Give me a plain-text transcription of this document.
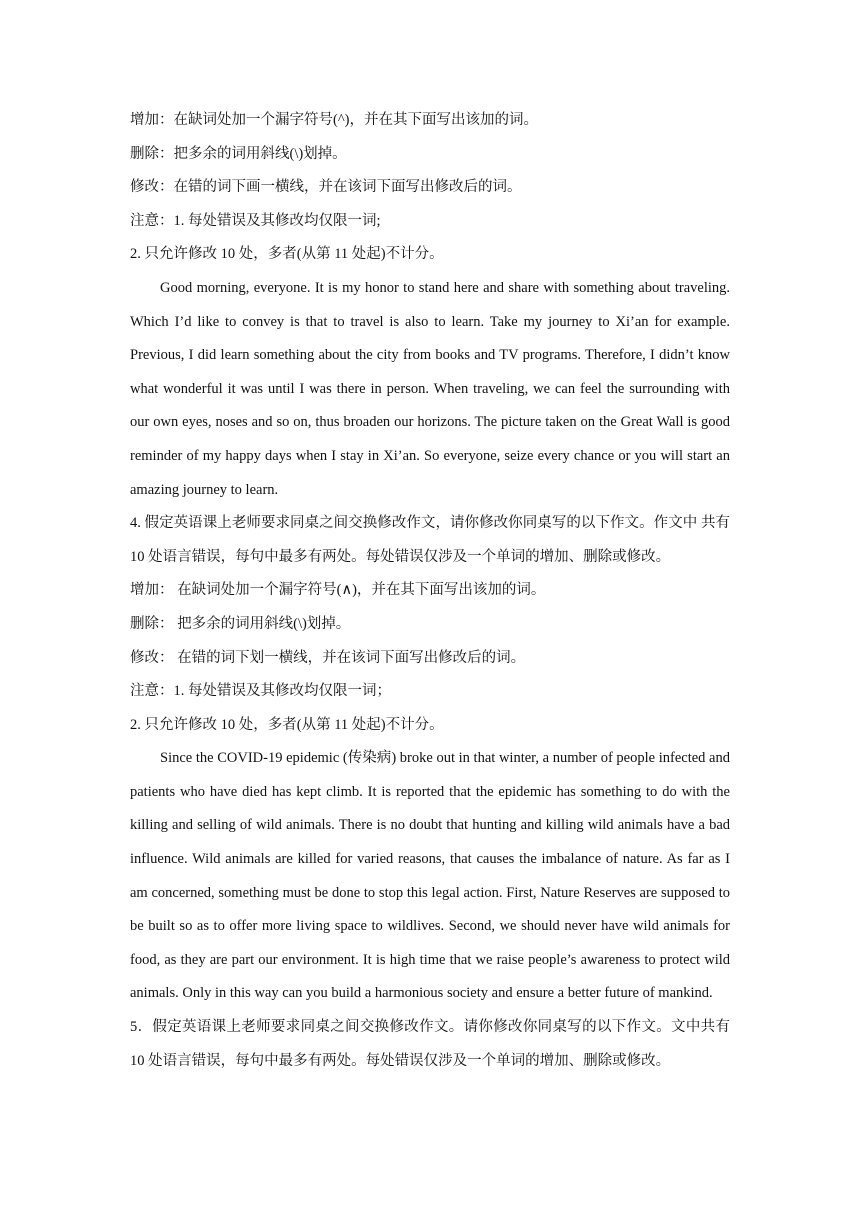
增加：在缺词处加一个漏字符号(^)，并在其下面写出该加的词。

删除：把多余的词用斜线(\)划掉。

修改：在错的词下画一横线，并在该词下面写出修改后的词。

注意：1. 每处错误及其修改均仅限一词;

2. 只允许修改 10 处，多者(从第 11 处起)不计分。

Good morning, everyone. It is my honor to stand here and share with something about traveling. Which I’d like to convey is that to travel is also to learn. Take my journey to Xi’an for example. Previous, I did learn something about the city from books and TV programs. Therefore, I didn’t know what wonderful it was until I was there in person. When traveling, we can feel the surrounding with our own eyes, noses and so on, thus broaden our horizons. The picture taken on the Great Wall is good reminder of my happy days when I stay in Xi’an. So everyone, seize every chance or you will start an amazing journey to learn.

4. 假定英语课上老师要求同桌之间交换修改作文，请你修改你同桌写的以下作文。作文中 共有 10 处语言错误，每句中最多有两处。每处错误仅涉及一个单词的增加、删除或修改。

增加： 在缺词处加一个漏字符号(∧)，并在其下面写出该加的词。

删除： 把多余的词用斜线(\)划掉。

修改： 在错的词下划一横线，并在该词下面写出修改后的词。

注意：1. 每处错误及其修改均仅限一词；

2. 只允许修改 10 处，多者(从第 11 处起)不计分。

Since the COVID-19 epidemic (传染病) broke out in that winter, a number of people infected and patients who have died has kept climb. It is reported that the epidemic has something to do with the killing and selling of wild animals. There is no doubt that hunting and killing wild animals have a bad influence. Wild animals are killed for varied reasons, that causes the imbalance of nature. As far as I am concerned, something must be done to stop this legal action. First, Nature Reserves are supposed to be built so as to offer more living space to wildlives. Second, we should never have wild animals for food, as they are part our environment. It is high time that we raise people’s awareness to protect wild animals. Only in this way can you build a harmonious society and ensure a better future of mankind.

5．假定英语课上老师要求同桌之间交换修改作文。请你修改你同桌写的以下作文。文中共有 10 处语言错误，每句中最多有两处。每处错误仅涉及一个单词的增加、删除或修改。
